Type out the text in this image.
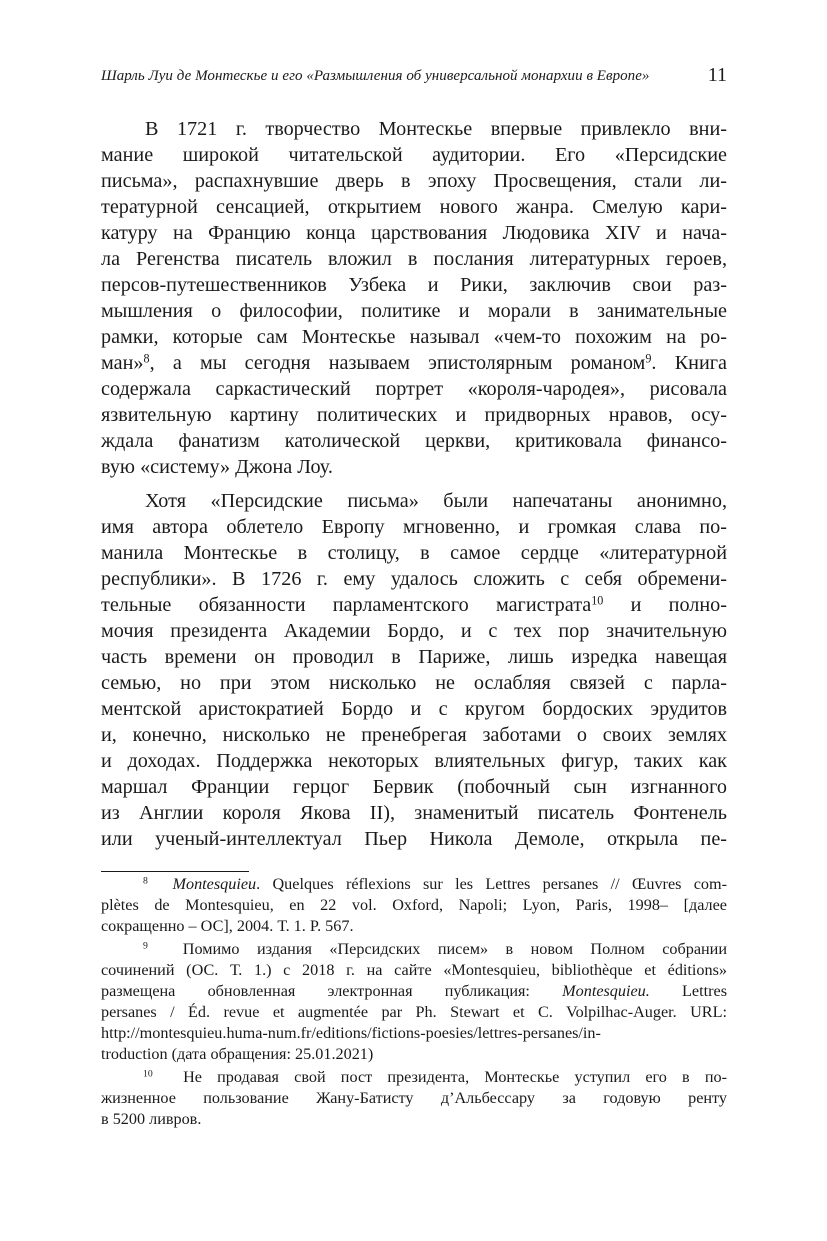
Шарль Луи де Монтескье и его «Размышления об универсальной монархии в Европе»	11

В 1721 г. творчество Монтескье впервые привлекло вни-
мание широкой читательской аудитории. Его «Персидские
письма», распахнувшие дверь в эпоху Просвещения, стали ли-
тературной сенсацией, открытием нового жанра. Смелую кари-
катуру на Францию конца царствования Людовика XIV и нача-
ла Регенства писатель вложил в послания литературных героев,
персов-путешественников Узбека и Рики, заключив свои раз-
мышления о философии, политике и морали в занимательные
рамки, которые сам Монтескье называл «чем-то похожим на ро-
ман»$^8$, а мы сегодня называем эпистолярным романом$^9$. Книга
содержала саркастический портрет «короля-чародея», рисовала
язвительную картину политических и придворных нравов, осу-
ждала фанатизм католической церкви, критиковала финансо-
вую «систему» Джона Лоу.

Хотя «Персидские письма» были напечатаны анонимно,
имя автора облетело Европу мгновенно, и громкая слава по-
манила Монтескье в столицу, в самое сердце «литературной
республики». В 1726 г. ему удалось сложить с себя обремени-
тельные обязанности парламентского магистрата$^{10}$ и полно-
мочия президента Академии Бордо, и с тех пор значительную
часть времени он проводил в Париже, лишь изредка навещая
семью, но при этом нисколько не ослабляя связей с парла-
ментской аристократией Бордо и с кругом бордоских эрудитов
и, конечно, нисколько не пренебрегая заботами о своих землях
и доходах. Поддержка некоторых влиятельных фигур, таких как
маршал Франции герцог Бервик (побочный сын изгнанного
из Англии короля Якова II), знаменитый писатель Фонтенель
или ученый-интеллектуал Пьер Никола Демоле, открыла пе-

$^8$ Montesquieu. Quelques réflexions sur les Lettres persanes // Œuvres com-
plètes de Montesquieu, en 22 vol. Oxford, Napoli; Lyon, Paris, 1998– [далее
сокращенно – ОС], 2004. Т. 1. P. 567.
$^9$ Помимо издания «Персидских писем» в новом Полном собрании
сочинений (ОС. Т. 1.) с 2018 г. на сайте «Montesquieu, bibliothèque et éditions»
размещена обновленная электронная публикация: Montesquieu. Lettres
persanes / Éd. revue et augmentée par Ph. Stewart et C. Volpilhac-Auger. URL:
http://montesquieu.huma-num.fr/editions/fictions-poesies/lettres-persanes/in-
troduction (дата обращения: 25.01.2021)
$^{10}$ Не продавая свой пост президента, Монтескье уступил его в по-
жизненное пользование Жану-Батисту д’Альбессару за годовую ренту
в 5200 ливров.
